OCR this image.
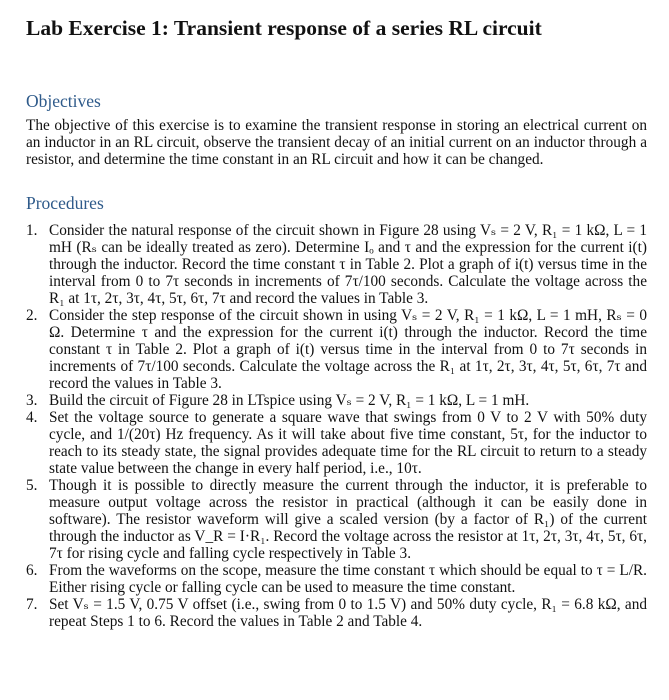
Lab Exercise 1: Transient response of a series RL circuit
Objectives

The objective of this exercise is to examine the transient response in storing an electrical current on an inductor in an RL circuit, observe the transient decay of an initial current on an inductor through a resistor, and determine the time constant in an RL circuit and how it can be changed.

Procedures
1. Consider the natural response of the circuit shown in Figure 28 using Vₛ = 2 V, R₁ = 1 kΩ, L = 1 mH (Rₛ can be ideally treated as zero). Determine Iₒ and τ and the expression for the current i(t) through the inductor. Record the time constant τ in Table 2. Plot a graph of i(t) versus time in the interval from 0 to 7τ seconds in increments of 7τ/100 seconds. Calculate the voltage across the R₁ at 1τ, 2τ, 3τ, 4τ, 5τ, 6τ, 7τ and record the values in Table 3.
2. Consider the step response of the circuit shown in using Vₛ = 2 V, R₁ = 1 kΩ, L = 1 mH, Rₛ = 0 Ω. Determine τ and the expression for the current i(t) through the inductor. Record the time constant τ in Table 2. Plot a graph of i(t) versus time in the interval from 0 to 7τ seconds in increments of 7τ/100 seconds. Calculate the voltage across the R₁ at 1τ, 2τ, 3τ, 4τ, 5τ, 6τ, 7τ and record the values in Table 3.
3. Build the circuit of Figure 28 in LTspice using Vₛ = 2 V, R₁ = 1 kΩ, L = 1 mH.
4. Set the voltage source to generate a square wave that swings from 0 V to 2 V with 50% duty cycle, and 1/(20τ) Hz frequency. As it will take about five time constant, 5τ, for the inductor to reach to its steady state, the signal provides adequate time for the RL circuit to return to a steady state value between the change in every half period, i.e., 10τ.
5. Though it is possible to directly measure the current through the inductor, it is preferable to measure output voltage across the resistor in practical (although it can be easily done in software). The resistor waveform will give a scaled version (by a factor of R₁) of the current through the inductor as V_R = I·R₁. Record the voltage across the resistor at 1τ, 2τ, 3τ, 4τ, 5τ, 6τ, 7τ for rising cycle and falling cycle respectively in Table 3.
6. From the waveforms on the scope, measure the time constant τ which should be equal to τ = L/R. Either rising cycle or falling cycle can be used to measure the time constant.
7. Set Vₛ = 1.5 V, 0.75 V offset (i.e., swing from 0 to 1.5 V) and 50% duty cycle, R₁ = 6.8 kΩ, and repeat Steps 1 to 6. Record the values in Table 2 and Table 4.
